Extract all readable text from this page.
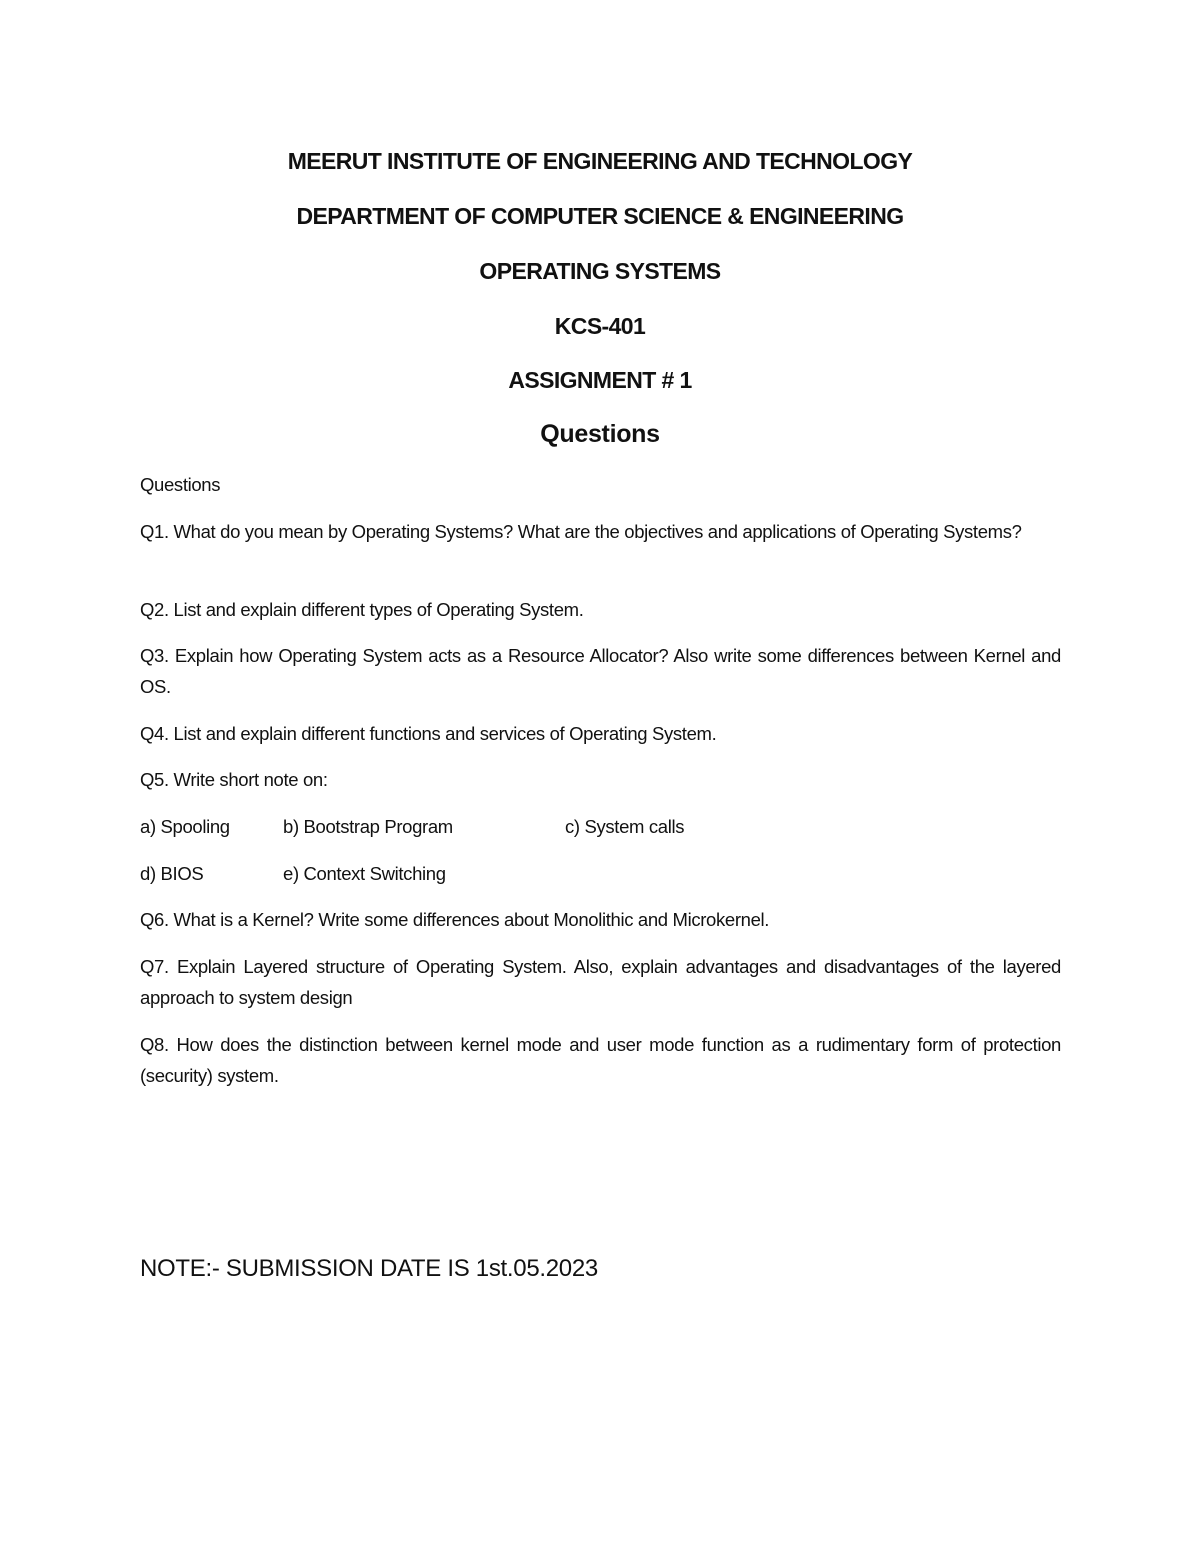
MEERUT INSTITUTE OF ENGINEERING AND TECHNOLOGY
DEPARTMENT OF COMPUTER SCIENCE & ENGINEERING
OPERATING SYSTEMS
KCS-401
ASSIGNMENT # 1
Questions
Questions
Q1. What do you mean by Operating Systems? What are the objectives and applications of Operating Systems?
Q2. List and explain different types of Operating System.
Q3. Explain how Operating System acts as a Resource Allocator? Also write some differences between Kernel and OS.
Q4. List and explain different functions and services of Operating System.
Q5. Write short note on:
a) Spooling	b) Bootstrap Program	c) System calls
d) BIOS	e) Context Switching
Q6. What is a Kernel? Write some differences about Monolithic and Microkernel.
Q7. Explain Layered structure of Operating System. Also, explain advantages and disadvantages of the layered approach to system design
Q8. How does the distinction between kernel mode and user mode function as a rudimentary form of protection (security) system.
NOTE:- SUBMISSION DATE IS 1st.05.2023
